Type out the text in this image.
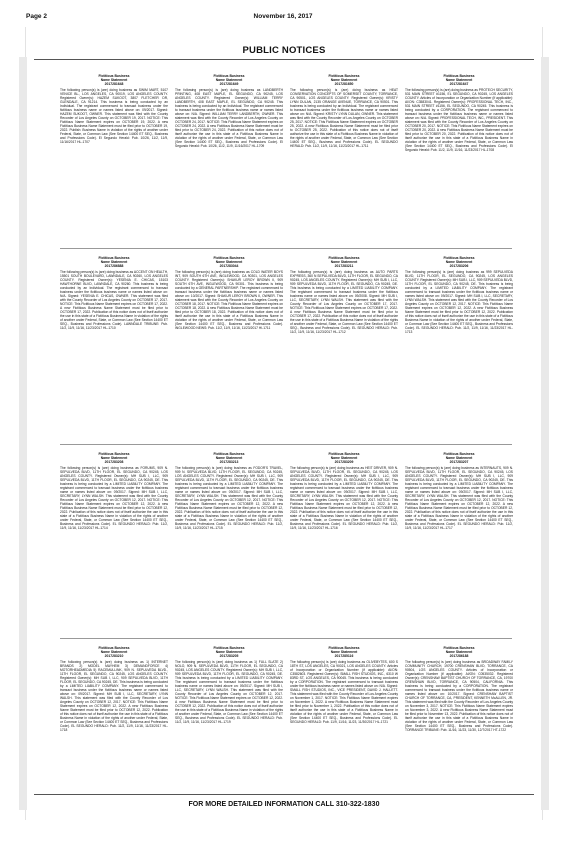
Page 2	November 16, 2017
PUBLIC NOTICES
Fictitious Business
Name Statement
2017281648
The following person(s) is (are) doing business as SWIM MART, 5107 VENICE BL., LOS ANGELES, CA 90019, LOS ANGELES COUNTY. Registered Owner(s): HAZEM SUKOOT, 3807 FLETCHER DR, GLENDALE, CA 91214. This business is being conducted by an Individual. The registrant commenced to transact business under the fictitious business name or names listed above on: 09/2017. Signed: HAZEM SUKOOT, OWNER. This statement was filed with the County Recorder of Los Angeles County on OCTOBER 19, 2017. NOTICE: This Fictitious Name Statement expires on OCTOBER 19, 2022. A new Fictitious Business Name Statement must be filed prior to OCTOBER 19, 2022. Publish: Business Name in violation of the rights of another under Federal, State, or Common Law (See Section 14400 ET SEQ., Business and Professions Code). El Segundo Herald: Pub. 10/26, 11/2, 11/9, 11/16/2017 HL-1707
Fictitious Business
Name Statement
2017281649
The following person(s) is (are) doing business as LANDBERTH PRINTING, 408 EAST MAPLE, EL SEGUNDO, CA 90245, LOS ANGELES COUNTY. Registered Owner(s): WILLIAM TERRY LANDBERTH, 408 EAST MAPLE, EL SEGUNDO, CA 90245. This business is being conducted by an Individual. The registrant commenced to transact business under the fictitious business name or names listed above on: N/A. Signed: WILLIAM TERRY LANDBERTH, OWNER. This statement was filed with the County Recorder of Los Angeles County on OCTOBER 24, 2017. NOTICE: This Fictitious Name Statement expires on OCTOBER 24, 2022. A new Fictitious Business Name Statement must be filed prior to OCTOBER 24, 2022. Publication of this notice does not of itself authorize the use in this state of a Fictitious Business Name in violation of the rights of another under Federal, State, or Common Law (See Section 14400 ET SEQ., Business and Professions Code). El Segundo Herald: Pub. 10/26, 11/2, 11/9, 11/16/2017 HL-1709
Fictitious Business
Name Statement
2017281650
The following person(s) is (are) doing business as HEAT CONSERVATION CONCEPTS OF SOMERSET COUNTY, TORRANCE, CA 90501, LOS ANGELES COUNTY. Registered Owner(s): KRISTY LYNN DULAN, 2135 ORANGE AVENUE, TORRANCE, CA 90501. This business is being conducted by an Individual. The registrant commenced to transact business under the fictitious business name or names listed above on: N/A. Signed: KRISTY LYNN DULAN, OWNER. This statement was filed with the County Recorder of Los Angeles County on OCTOBER 25, 2017. NOTICE: This Fictitious Name Statement expires on OCTOBER 25, 2022. A new Fictitious Business Name Statement must be filed prior to OCTOBER 25, 2022. Publication of this notice does not of itself authorize the use in this state of a Fictitious Business Name in violation of the rights of another under Federal, State, or Common Law (See Section 14400 ET SEQ., Business and Professions Code). EL SEGUNDO HERALD: Pub. 11/2, 11/9, 11/16, 11/23/2017 HL-1711
Fictitious Business
Name Statement
2017281647
The following person(s) is (are) doing business as PROTECH SECURITY, 531 MAIN STREET #1156, EL SEGUNDO, CA 90245, LOS ANGELES COUNTY. Articles of Incorporation or Organization Number (if applicable): AI/ON: C3583041. Registered Owner(s): PROFESSIONAL TECH, INC., 531 MAIN STREET #1156, EL SEGUNDO, CA 90245. This business is being conducted by a CORPORATION. The registrant commenced to transact business under the fictitious business name or names listed above on: N/A. Signed: PROFESSIONAL TECH, INC., PRESIDENT. This statement was filed with the County Recorder of Los Angeles County on OCTOBER 20, 2017. NOTICE: This Fictitious Name Statement expires on OCTOBER 20, 2022. A new Fictitious Business Name Statement must be filed prior to OCTOBER 20, 2022. Publication of this notice does not of itself authorize the use in this state of a Fictitious Business Name in violation of the rights of another under Federal, State, or Common Law (See Section 14400 ET SEQ., Business and Professions Code). El Segundo Herald: Pub. 11/2, 11/9, 11/16, 11/23/2017 HL-1708
Fictitious Business
Name Statement
2017286888
The following person(s) is (are) doing business as ACCENT ON HEALTH, 15501 SOUTH BOULEVARD, LAWNDALE, CA 90260, LOS ANGELES COUNTY. Registered Owner(s): YESENIA E. CHICAS, 15103 HAWTHORNE BLVD, LAWNDALE, CA 90260. This business is being conducted by an Individual. The registrant commenced to transact business under the fictitious business name or names listed above on: N/A. Signed: YESENIA E. CHICAS, OWNER. This statement was filed with the County Recorder of Los Angeles County on OCTOBER 17, 2017. NOTICE: This Fictitious Name Statement expires on OCTOBER 17, 2022. A new Fictitious Business Name Statement must be filed prior to OCTOBER 17, 2022. Publication of this notice does not of itself authorize the use in this state of a Fictitious Business Name in violation of the rights of another under Federal, State, or Common Law (See Section 14400 ET SEQ., Business and Professions Code). LAWNDALE TRIBUNE: Pub. 11/2, 11/9, 11/16, 11/23/2017 HL-1710
Fictitious Business
Name Statement
2017283044
The following person(s) is (are) doing business as COLD WATER BOYS INT, 909 SOUTH 6TH AVE, INGLEWOOD, CA 90301, LOS ANGELES COUNTY. Registered Owner(s): SHAKUR LEROY BROWN II, 909 SOUTH 6TH AVE, INGLEWOOD, CA 90301. This business is being conducted by a GENERAL PARTNERSHIP. The registrant commenced to transact business under the fictitious business name or names listed above on: 10/2017. Signed: SHAKUR LEROY BROWN II, OWNER. This statement was filed with the County Recorder of Los Angeles County on OCTOBER 18, 2017. NOTICE: This Fictitious Name Statement expires on OCTOBER 18, 2022. A new Fictitious Business Name Statement must be filed prior to OCTOBER 18, 2022. Publication of this notice does not of itself authorize the use in this state of a Fictitious Business Name in violation of the rights of another under Federal, State, or Common Law (See Section 14400 ET SEQ., Business and Professions Code). INGLEWOOD NEWS: Pub. 11/2, 11/9, 11/16, 11/23/2017 HI-1711
Fictitious Business
Name Statement
2017283211
The following person(s) is (are) doing business as AUTO PARTS EXPRESS, 360 N SEPULVEDA BLVD, 11TH FLOOR, EL SEGUNDO, CA 90245, LOS ANGELES COUNTY. Registered Owner(s): MH SUB I, LLC, 909 SEPULVEDA BLVD, 11TH FLOOR, EL SEGUNDO, CA 90245, DE. This business is being conducted by a LIMITED LIABILITY COMPANY. The registrant commenced to transact business under the fictitious business name or names listed above on: 09/2008. Signed: MH SUB I, LLC, SECRETARY, LYNN WALSH. This statement was filed with the County Recorder of Los Angeles County on OCTOBER 17, 2017. NOTICE: This Fictitious Name Statement expires on OCTOBER 17, 2022. A new Fictitious Business Name Statement must be filed prior to OCTOBER 17, 2022. Publication of this notice does not of itself authorize the use in this state of a Fictitious Business Name in violation of the rights of another under Federal, State, or Common Law (See Section 14400 ET SEQ., Business and Professions Code). EL SEGUNDO HERALD: Pub. 11/2, 11/9, 11/16, 11/23/2017 HL-1712
Fictitious Business
Name Statement
2017283206
The following person(s) is (are) doing business as 999 SEPULVEDA BLVD, 11TH FLOOR, EL SEGUNDO, CA 90245, LOS ANGELES COUNTY. Registered Owner(s): MH SUB I, LLC, 909 SEPULVEDA BLVD, 11TH FLOOR, EL SEGUNDO, CA 90245, DE. This business is being conducted by a LIMITED LIABILITY COMPANY. The registrant commenced to transact business under the fictitious business name or names listed above on: 09/2017. Signed: MH SUB I, LLC, SECRETARY, LYNN WALSH. This statement was filed with the County Recorder of Los Angeles County on OCTOBER 12, 2017. NOTICE: This Fictitious Name Statement expires on OCTOBER 12, 2022. A new Fictitious Business Name Statement must be filed prior to OCTOBER 12, 2022. Publication of this notice does not of itself authorize the use in this state of a Fictitious Business Name in violation of the rights of another under Federal, State, or Common Law (See Section 14400 ET SEQ., Business and Professions Code). EL SEGUNDO HERALD: Pub. 11/2, 11/9, 11/16, 11/23/2017 HL-1713
Fictitious Business
Name Statement
2017283208
The following person(s) is (are) doing business as FORUMS, 909 N. SEPULVEDA BLVD, 11TH FLOOR, EL SEGUNDO, CA 90245, LOS ANGELES COUNTY. Registered Owner(s): MH SUB I, LLC, 909 SEPULVEDA BLVD, 11TH FLOOR, EL SEGUNDO, CA 90245, DE. This business is being conducted by a LIMITED LIABILITY COMPANY. The registrant commenced to transact business under the fictitious business name or names listed above on: 09/2017. Signed: MH SUB I, LLC, SECRETARY, LYNN WALSH. This statement was filed with the County Recorder of Los Angeles County on OCTOBER 12, 2017. NOTICE: This Fictitious Name Statement expires on OCTOBER 12, 2022. A new Fictitious Business Name Statement must be filed prior to OCTOBER 12, 2022. Publication of this notice does not of itself authorize the use in this state of a Fictitious Business Name in violation of the rights of another under Federal, State, or Common Law (See Section 14400 ET SEQ., Business and Professions Code). EL SEGUNDO HERALD: Pub. 11/2, 11/9, 11/16, 11/23/2017 HL-1714
Fictitious Business
Name Statement
2017283213
The following person(s) is (are) doing business as FODOR'S TRAVEL, 909 N. SEPULVEDA BLVD, 11TH FLOOR, EL SEGUNDO, CA 90245, LOS ANGELES COUNTY. Registered Owner(s): MH SUB I, LLC, 909 SEPULVEDA BLVD, 11TH FLOOR, EL SEGUNDO, CA 90245, DE. This business is being conducted by a LIMITED LIABILITY COMPANY. The registrant commenced to transact business under the fictitious business name or names listed above on: 09/2017. Signed: MH SUB I, LLC, SECRETARY, LYNN WALSH. This statement was filed with the County Recorder of Los Angeles County on OCTOBER 12, 2017. NOTICE: This Fictitious Name Statement expires on OCTOBER 12, 2022. A new Fictitious Business Name Statement must be filed prior to OCTOBER 12, 2022. Publication of this notice does not of itself authorize the use in this state of a Fictitious Business Name in violation of the rights of another under Federal, State, or Common Law (See Section 14400 ET SEQ., Business and Professions Code). EL SEGUNDO HERALD: Pub. 11/2, 11/9, 11/16, 11/23/2017 HL-1715
Fictitious Business
Name Statement
2017283209
The following person(s) is (are) doing business as HEIT DRIVER, 909 N. SEPULVEDA BLVD, 11TH FLOOR, EL SEGUNDO, CA 90245, LOS ANGELES COUNTY. Registered Owner(s): MH SUB I, LLC, 909 SEPULVEDA BLVD, 11TH FLOOR, EL SEGUNDO, CA 90245, DE. This business is being conducted by a LIMITED LIABILITY COMPANY. The registrant commenced to transact business under the fictitious business name or names listed above on: 09/2017. Signed: MH SUB I, LLC, SECRETARY, LYNN WALSH. This statement was filed with the County Recorder of Los Angeles County on OCTOBER 12, 2017. NOTICE: This Fictitious Name Statement expires on OCTOBER 12, 2022. A new Fictitious Business Name Statement must be filed prior to OCTOBER 12, 2022. Publication of this notice does not of itself authorize the use in this state of a Fictitious Business Name in violation of the rights of another under Federal, State, or Common Law (See Section 14400 ET SEQ., Business and Professions Code). EL SEGUNDO HERALD: Pub. 11/2, 11/9, 11/16, 11/23/2017 HL-1716
Fictitious Business
Name Statement
2017283207
The following person(s) is (are) doing business as INTERNAUTS, 909 N. SEPULVEDA BLVD, 11TH FLOOR, EL SEGUNDO, CA 90245, LOS ANGELES COUNTY. Registered Owner(s): MH SUB I, LLC, 909 SEPULVEDA BLVD, 11TH FLOOR, EL SEGUNDO, CA 90245, DE. This business is being conducted by a LIMITED LIABILITY COMPANY. The registrant commenced to transact business under the fictitious business name or names listed above on: 09/2017. Signed: MH SUB I, LLC, SECRETARY, LYNN WALSH. This statement was filed with the County Recorder of Los Angeles County on OCTOBER 12, 2017. NOTICE: This Fictitious Name Statement expires on OCTOBER 12, 2022. A new Fictitious Business Name Statement must be filed prior to OCTOBER 12, 2022. Publication of this notice does not of itself authorize the use in this state of a Fictitious Business Name in violation of the rights of another under Federal, State, or Common Law (See Section 14400 ET SEQ., Business and Professions Code). EL SEGUNDO HERALD: Pub. 11/2, 11/9, 11/16, 11/23/2017 HL-1717
Fictitious Business
Name Statement
2017283210
The following person(s) is (are) doing business as 1) INTERNET BRANDS 2) MODEL MAYHEM 3) DEMANDFORCE 4) MOTORHEADMEDIA 5) RACEMULLINK, 909 N. SEPULVEDA BLVD., 11TH FLOOR, EL SEGUNDO, CA 90245, LOS ANGELES COUNTY. Registered Owner(s): MH SUB I, LLC, 909 SEPULVEDA BLVD, 11TH FLOOR, EL SEGUNDO, CA 90245, DE. This business is being conducted by a LIMITED LIABILITY COMPANY. The registrant commenced to transact business under the fictitious business name or names listed above on: 09/2017. Signed: MH SUB I, LLC, SECRETARY, LYNN WALSH. This statement was filed with the County Recorder of Los Angeles County on OCTOBER 12, 2017. NOTICE: This Fictitious Name Statement expires on OCTOBER 12, 2022. A new Fictitious Business Name Statement must be filed prior to OCTOBER 12, 2022. Publication of this notice does not of itself authorize the use in this state of a Fictitious Business Name in violation of the rights of another under Federal, State, or Common Law (See Section 14400 ET SEQ., Business and Professions Code). EL SEGUNDO HERALD: Pub. 11/2, 11/9, 11/16, 11/23/2017 HL-1718
Fictitious Business
Name Statement
2017283205
The following person(s) is (are) doing business as 1) FULL SLATE 2) NOLO, 909 N. SEPULVEDA BLVD, 11TH FLOOR, EL SEGUNDO, CA 90245, LOS ANGELES COUNTY. Registered Owner(s): MH SUB I, LLC, 909 SEPULVEDA BLVD, 11TH FLOOR, EL SEGUNDO, CA 90245, DE. This business is being conducted by a LIMITED LIABILITY COMPANY. The registrant commenced to transact business under the fictitious business name or names listed above on: 09/2017. Signed: MH SUB I, LLC, SECRETARY, LYNN WALSH. This statement was filed with the County Recorder of Los Angeles County on OCTOBER 12, 2017. NOTICE: This Fictitious Name Statement expires on OCTOBER 12, 2022. A new Fictitious Business Name Statement must be filed prior to OCTOBER 12, 2022. Publication of this notice does not of itself authorize the use in this state of a Fictitious Business Name in violation of the rights of another under Federal, State, or Common Law (See Section 14400 ET SEQ., Business and Professions Code). EL SEGUNDO HERALD: Pub. 11/2, 11/9, 11/16, 11/23/2017 HL-1719
Fictitious Business
Name Statement
2017285116
The following person(s) is (are) doing business as OLIVEBYTES, 600 S 18TH ST, LOS ANGELES, CA 90021, LOS ANGELES COUNTY. Articles of Incorporation or Organization Number (if applicable): AI/ON: C3582603. Registered Owner(s): SMALL FISH STUDIOS, INC., 6310 W 83RD ST, LOS ANGELES, CA 90045. This business is being conducted by a CORPORATION. The registrant commenced to transact business under the fictitious business name or names listed above on: N/A. Signed: SMALL FISH STUDIOS, INC., VICE PRESIDENT, DAVID J. HALLETT. This statement was filed with the County Recorder of Los Angeles County on November 1, 2017. NOTICE: This Fictitious Name Statement expires on November 1, 2022. A new Fictitious Business Name Statement must be filed prior to November 1, 2022. Publication of this notice does not of itself authorize the use in this state of a Fictitious Business Name in violation of the rights of another under Federal, State, or Common Law (See Section 14400 ET SEQ., Business and Professions Code). EL SEGUNDO HERALD: Pub. 11/9, 11/16, 11/23, 11/30/2017 HL-1721
Fictitious Business
Name Statement
2017286188
The following person(s) is (are) doing business as BROADWAY FAMILY COMMUNITY CHURCH, 19700 CRENSHAW BLVD, TORRANCE, CA 90504, LOS ANGELES COUNTY. Articles of Incorporation or Organization Number (if applicable): AI/ON: C0535032. Registered Owner(s): CRENSHAW BAPTIST CHURCH OF TORRANCE, CA, 19700 CRENSHAW BLVD, TORRANCE, CA 90504, CALIFORNIA. This business is being conducted by a CORPORATION. The registrant commenced to transact business under the fictitious business name or names listed above on: 10/2017. Signed: CRENSHAW BAPTIST CHURCH OF TORRANCE, CA, PRESIDENT, KENNETH McALLEN, JR. This statement was filed with the County Recorder of Los Angeles County on November 3, 2017. NOTICE: This Fictitious Name Statement expires on November 3, 2022. A new Fictitious Business Name Statement must be filed prior to November 13, 2022. Publication of this notice does not of itself authorize the use in this state of a Fictitious Business Name in violation of the rights of another under Federal, State, or Common Law (See Section 14400 ET SEQ., Business and Professions Code). TORRANCE TRIBUNE: Pub. 11/16, 11/23, 11/30, 12/7/2017 HT-1722
FOR MORE DETAILED INFORMATION CALL 310-322-1830
